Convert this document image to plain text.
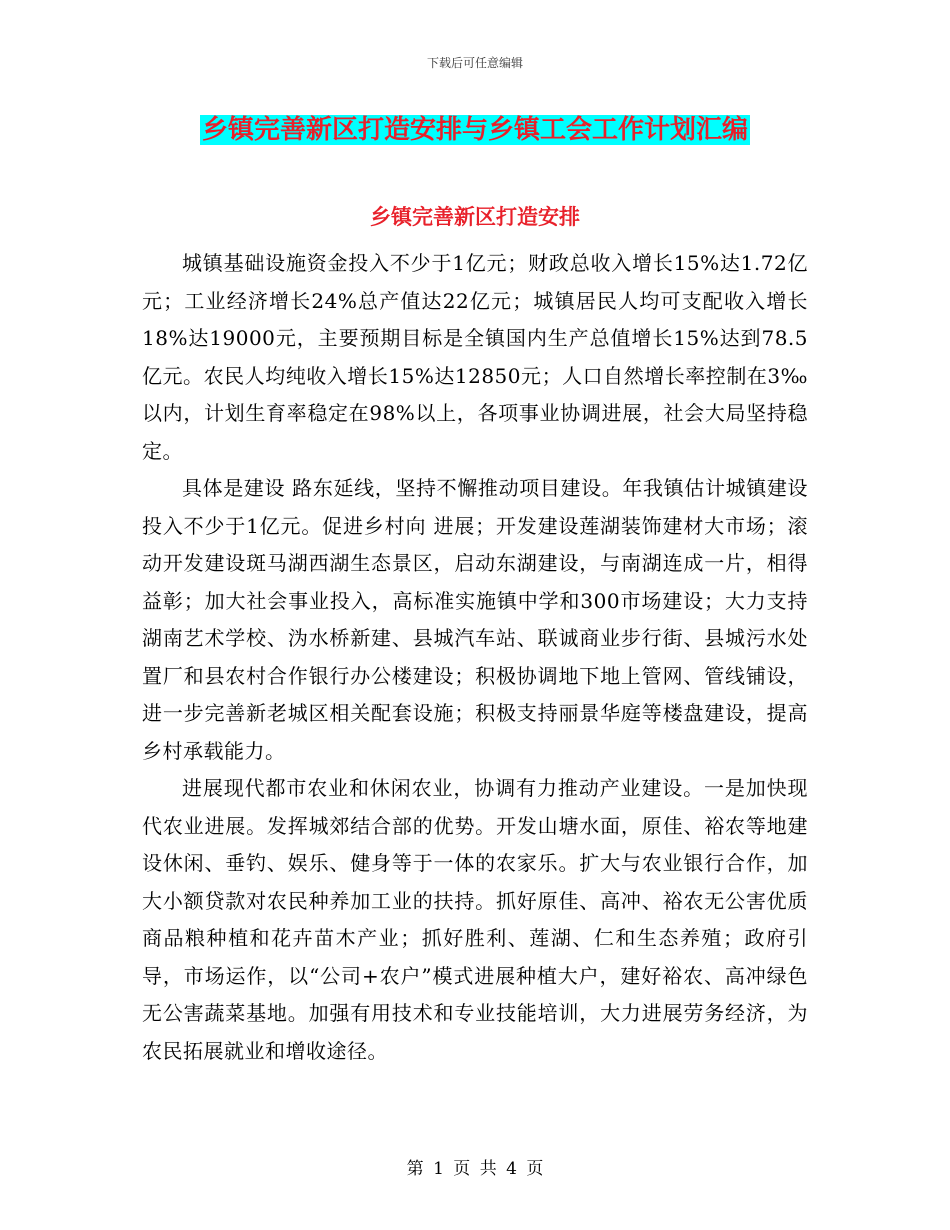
下载后可任意编辑
乡镇完善新区打造安排与乡镇工会工作计划汇编
乡镇完善新区打造安排

城镇基础设施资金投入不少于1亿元；财政总收入增长15%达1.72亿元；工业经济增长24%总产值达22亿元；城镇居民人均可支配收入增长18%达19000元，主要预期目标是全镇国内生产总值增长15%达到78.5亿元。农民人均纯收入增长15%达12850元；人口自然增长率控制在3‰以内，计划生育率稳定在98%以上，各项事业协调进展，社会大局坚持稳定。

具体是建设 路东延线，坚持不懈推动项目建设。年我镇估计城镇建设投入不少于1亿元。促进乡村向 进展；开发建设莲湖装饰建材大市场；滚动开发建设斑马湖西湖生态景区，启动东湖建设，与南湖连成一片，相得益彰；加大社会事业投入，高标准实施镇中学和300市场建设；大力支持湖南艺术学校、沩水桥新建、县城汽车站、联诚商业步行街、县城污水处置厂和县农村合作银行办公楼建设；积极协调地下地上管网、管线铺设，进一步完善新老城区相关配套设施；积极支持丽景华庭等楼盘建设，提高乡村承载能力。

进展现代都市农业和休闲农业，协调有力推动产业建设。一是加快现代农业进展。发挥城郊结合部的优势。开发山塘水面，原佳、裕农等地建设休闲、垂钓、娱乐、健身等于一体的农家乐。扩大与农业银行合作，加大小额贷款对农民种养加工业的扶持。抓好原佳、高冲、裕农无公害优质商品粮种植和花卉苗木产业；抓好胜利、莲湖、仁和生态养殖；政府引导，市场运作，以“公司+农户”模式进展种植大户，建好裕农、高冲绿色无公害蔬菜基地。加强有用技术和专业技能培训，大力进展劳务经济，为农民拓展就业和增收途径。

第 1 页 共 4 页
